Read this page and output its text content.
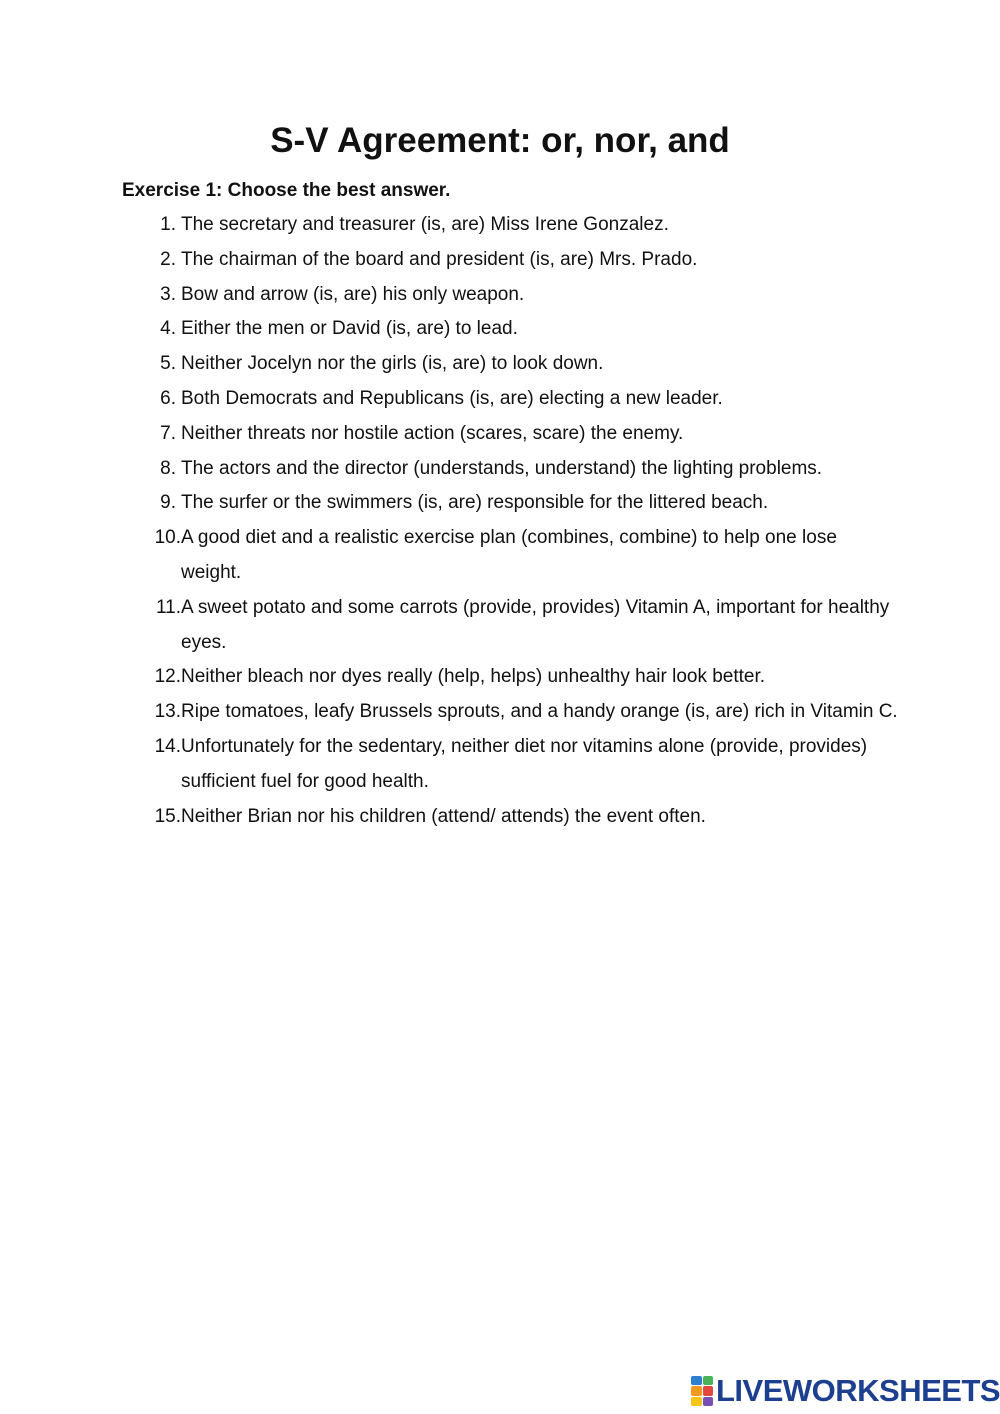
S-V Agreement: or, nor, and

Exercise 1: Choose the best answer.

1. The secretary and treasurer (is, are) Miss Irene Gonzalez.
2. The chairman of the board and president (is, are) Mrs. Prado.
3. Bow and arrow (is, are) his only weapon.
4. Either the men or David (is, are) to lead.
5. Neither Jocelyn nor the girls (is, are) to look down.
6. Both Democrats and Republicans (is, are) electing a new leader.
7. Neither threats nor hostile action (scares, scare) the enemy.
8. The actors and the director (understands, understand) the lighting problems.
9. The surfer or the swimmers (is, are) responsible for the littered beach.
10. A good diet and a realistic exercise plan (combines, combine) to help one lose weight.
11. A sweet potato and some carrots (provide, provides) Vitamin A, important for healthy eyes.
12. Neither bleach nor dyes really (help, helps) unhealthy hair look better.
13. Ripe tomatoes, leafy Brussels sprouts, and a handy orange (is, are) rich in Vitamin C.
14. Unfortunately for the sedentary, neither diet nor vitamins alone (provide, provides) sufficient fuel for good health.
15. Neither Brian nor his children (attend/ attends) the event often.
LIVEWORKSHEETS
